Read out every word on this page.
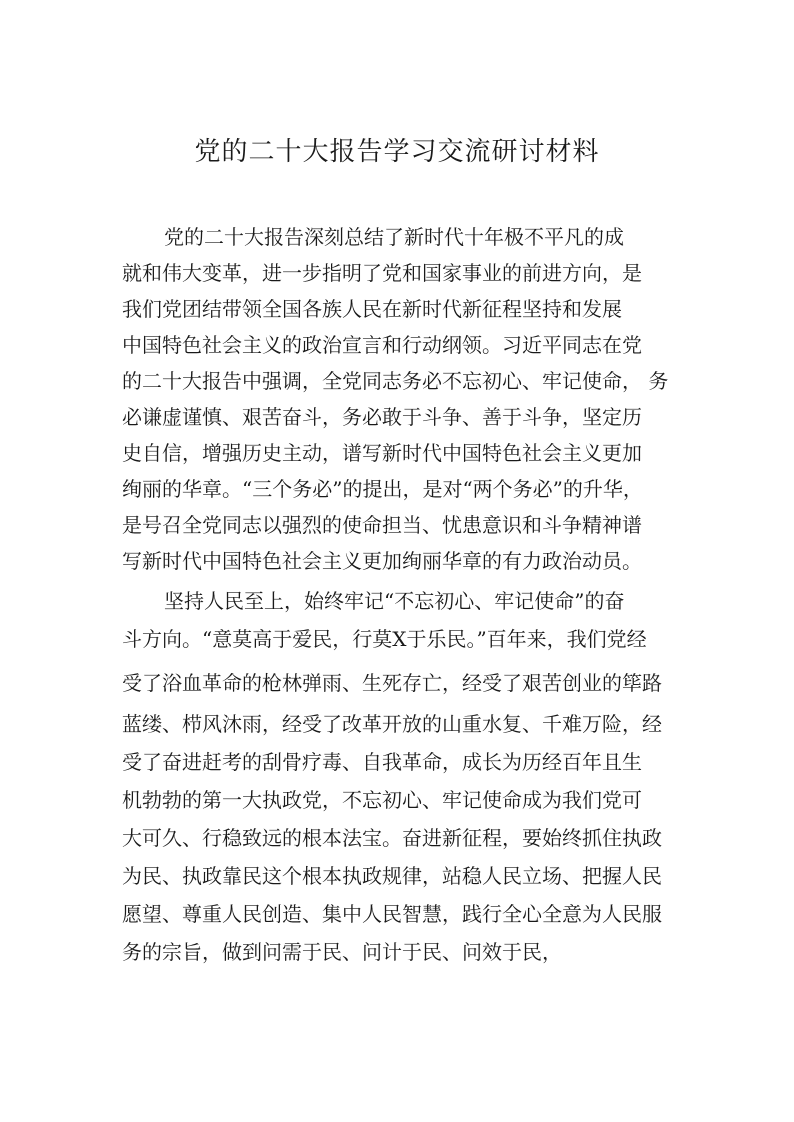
党的二十大报告学习交流研讨材料

党的二十大报告深刻总结了新时代十年极不平凡的成

就和伟大变革，进一步指明了党和国家事业的前进方向，是

我们党团结带领全国各族人民在新时代新征程坚持和发展

中国特色社会主义的政治宣言和行动纲领。习近平同志在党

的二十大报告中强调，全党同志务必不忘初心、牢记使命， 务

必谦虚谨慎、艰苦奋斗，务必敢于斗争、善于斗争，坚定历

史自信，增强历史主动，谱写新时代中国特色社会主义更加

绚丽的华章。“三个务必”的提出，是对“两个务必”的升华，

是号召全党同志以强烈的使命担当、忧患意识和斗争精神谱

写新时代中国特色社会主义更加绚丽华章的有力政治动员。

坚持人民至上，始终牢记“不忘初心、牢记使命”的奋

斗方向。“意莫高于爱民，行莫X于乐民。”百年来，我们党经

受了浴血革命的枪林弹雨、生死存亡，经受了艰苦创业的筚路

蓝缕、栉风沐雨，经受了改革开放的山重水复、千难万险，经

受了奋进赶考的刮骨疗毒、自我革命，成长为历经百年且生

机勃勃的第一大执政党，不忘初心、牢记使命成为我们党可

大可久、行稳致远的根本法宝。奋进新征程，要始终抓住执政

为民、执政靠民这个根本执政规律，站稳人民立场、把握人民

愿望、尊重人民创造、集中人民智慧，践行全心全意为人民服

务的宗旨，做到问需于民、问计于民、问效于民，
